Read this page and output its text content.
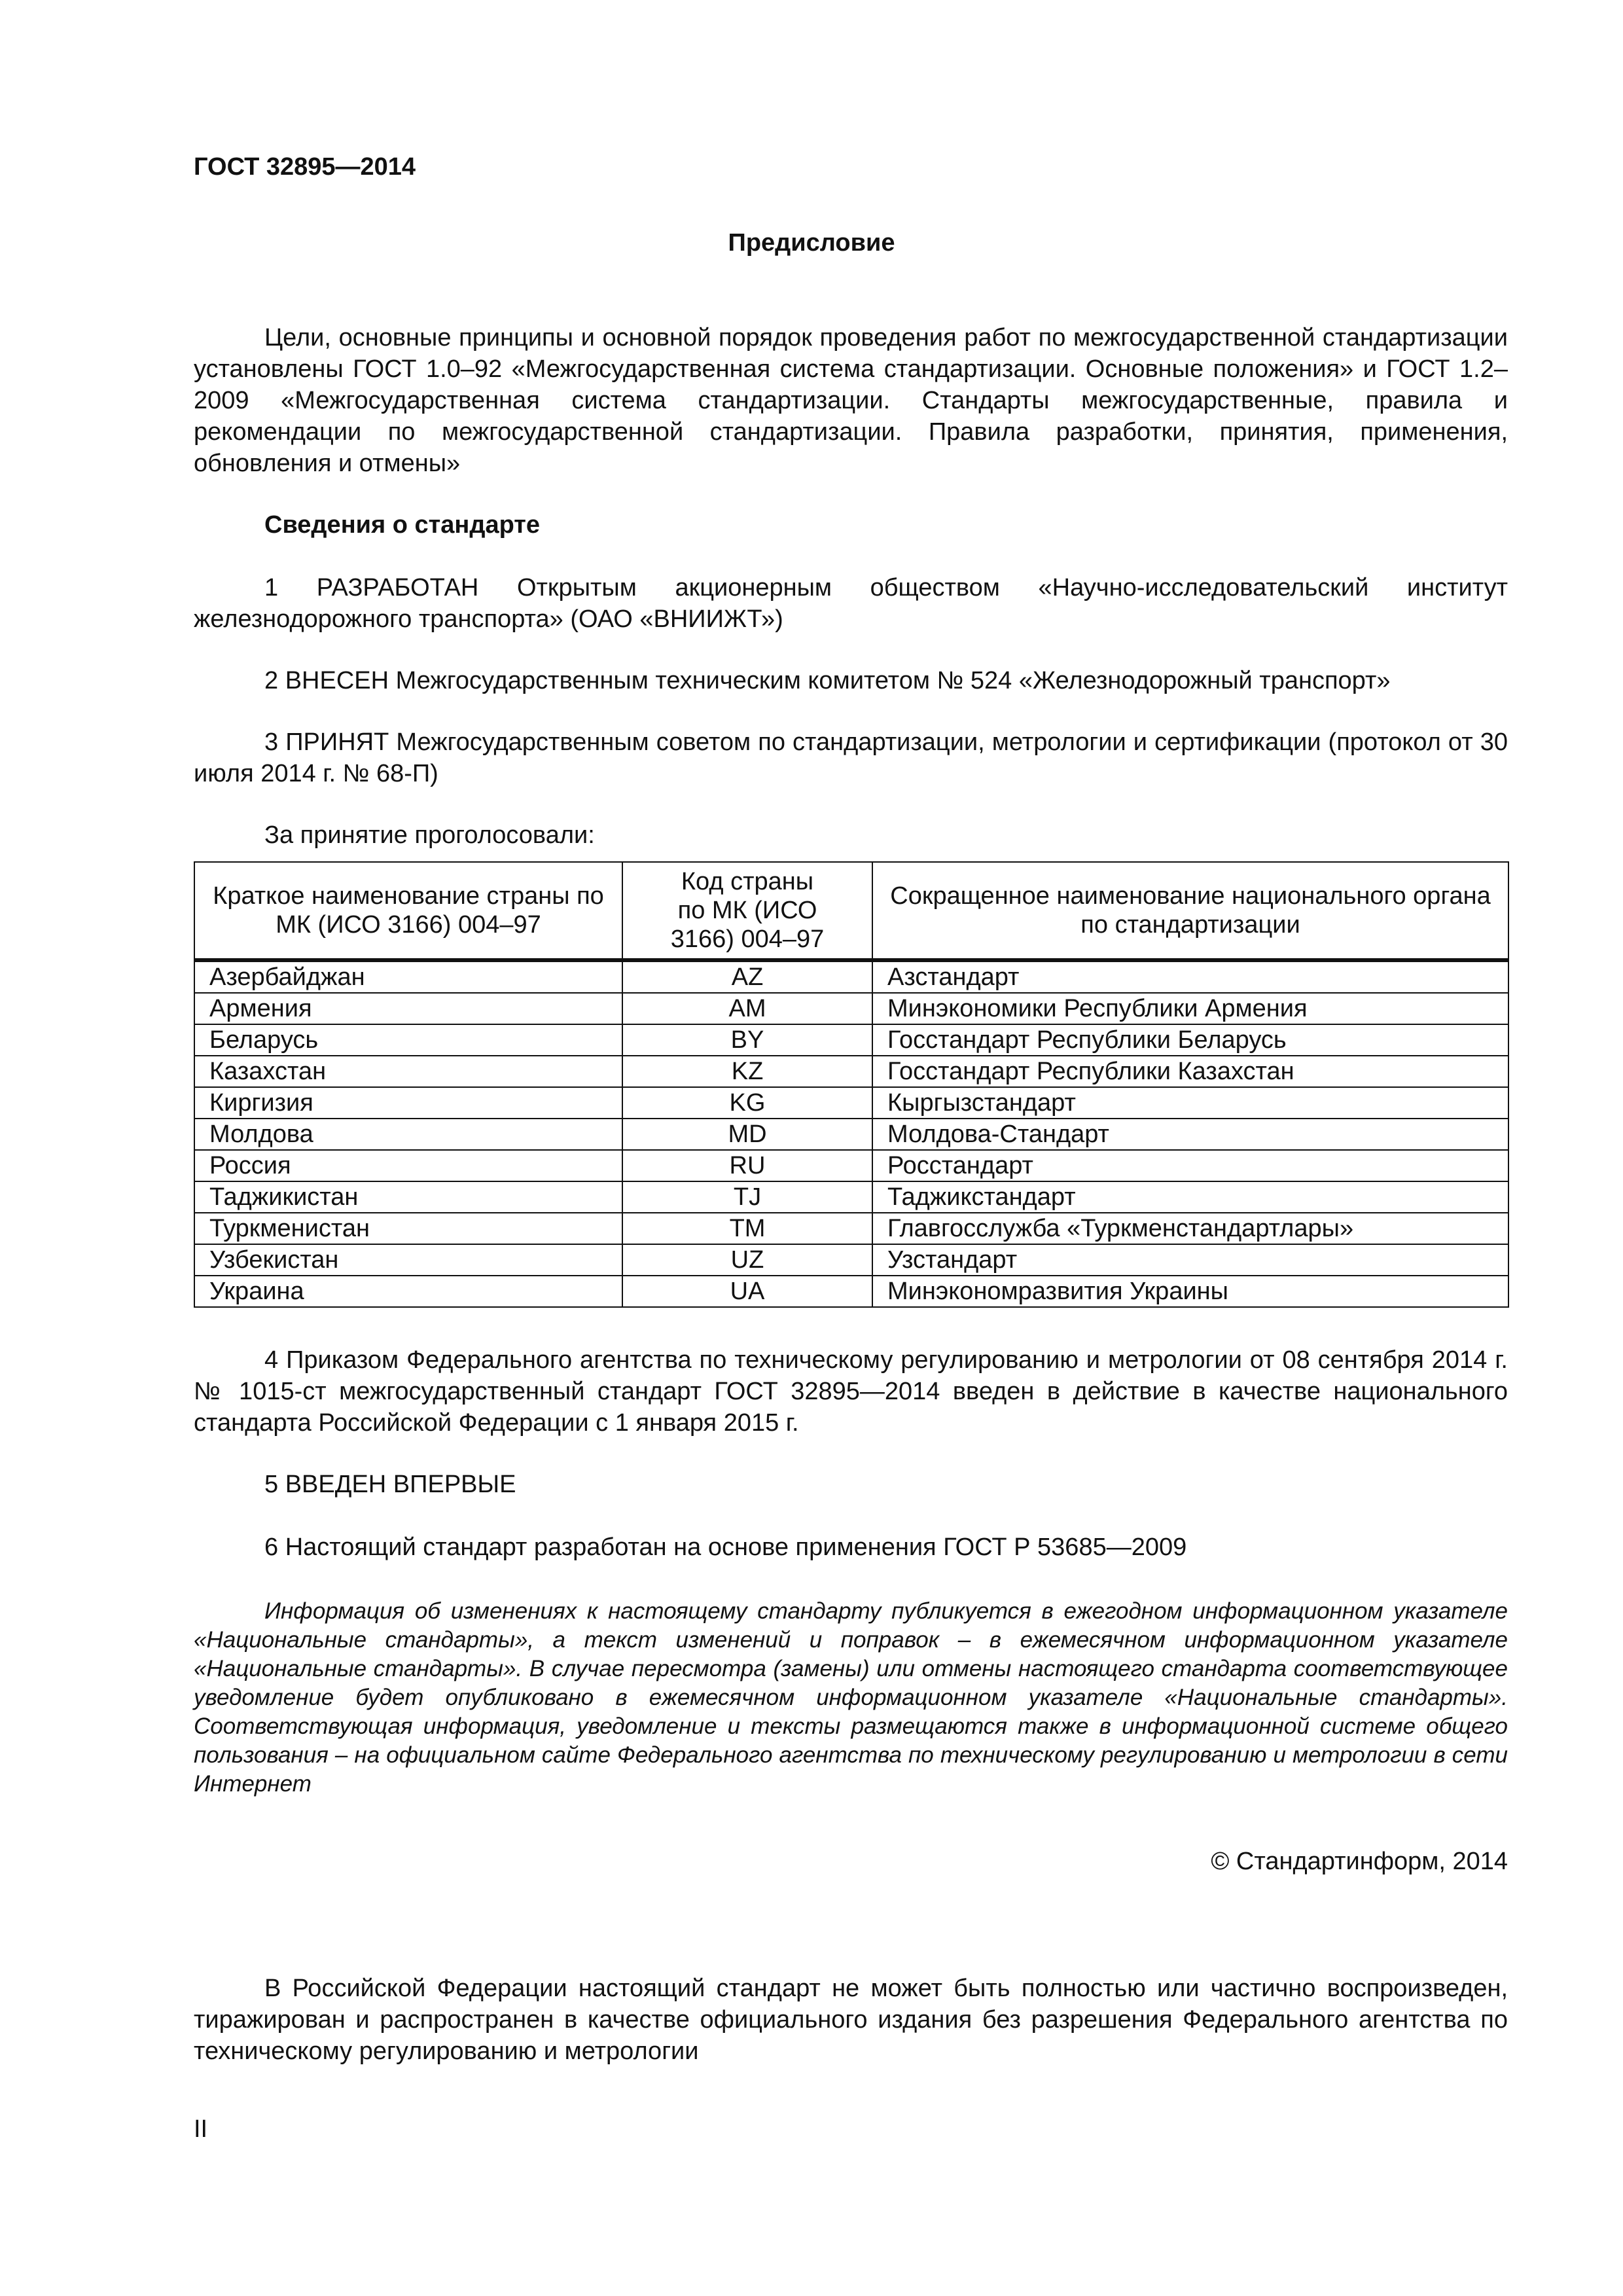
ГОСТ 32895—2014

Предисловие

Цели, основные принципы и основной порядок проведения работ по межгосударственной стандартизации установлены ГОСТ 1.0–92 «Межгосударственная система стандартизации. Основные положения» и ГОСТ 1.2–2009 «Межгосударственная система стандартизации. Стандарты межгосударственные, правила и рекомендации по межгосударственной стандартизации. Правила разработки, принятия, применения, обновления и отмены»

Сведения о стандарте

1 РАЗРАБОТАН Открытым акционерным обществом «Научно-исследовательский институт железнодорожного транспорта» (ОАО «ВНИИЖТ»)

2 ВНЕСЕН Межгосударственным техническим комитетом № 524 «Железнодорожный транспорт»

3 ПРИНЯТ Межгосударственным советом по стандартизации, метрологии и сертификации (протокол от 30 июля 2014 г. № 68-П)

За принятие проголосовали:

Краткое наименование страны по МК (ИСО 3166) 004–97	Код страны
по МК (ИСО
3166) 004–97	Сокращенное наименование национального органа по стандартизации
Азербайджан	AZ	Азстандарт
Армения	AM	Минэкономики Республики Армения
Беларусь	BY	Госстандарт Республики Беларусь
Казахстан	KZ	Госстандарт Республики Казахстан
Киргизия	KG	Кыргызстандарт
Молдова	MD	Молдова-Стандарт
Россия	RU	Росстандарт
Таджикистан	TJ	Таджикстандарт
Туркменистан	TM	Главгосслужба «Туркменстандартлары»
Узбекистан	UZ	Узстандарт
Украина	UA	Минэкономразвития Украины

4 Приказом Федерального агентства по техническому регулированию и метрологии от 08 сентября 2014 г. № 1015-ст межгосударственный стандарт ГОСТ 32895—2014 введен в действие в качестве национального стандарта Российской Федерации с 1 января 2015 г.

5 ВВЕДЕН ВПЕРВЫЕ

6 Настоящий стандарт разработан на основе применения ГОСТ Р 53685—2009

Информация об изменениях к настоящему стандарту публикуется в ежегодном информационном указателе «Национальные стандарты», а текст изменений и поправок – в ежемесячном информационном указателе «Национальные стандарты». В случае пересмотра (замены) или отмены настоящего стандарта соответствующее уведомление будет опубликовано в ежемесячном информационном указателе «Национальные стандарты». Соответствующая информация, уведомление и тексты размещаются также в информационной системе общего пользования – на официальном сайте Федерального агентства по техническому регулированию и метрологии в сети Интернет

© Стандартинформ, 2014

В Российской Федерации настоящий стандарт не может быть полностью или частично воспроизведен, тиражирован и распространен в качестве официального издания без разрешения Федерального агентства по техническому регулированию и метрологии

II
